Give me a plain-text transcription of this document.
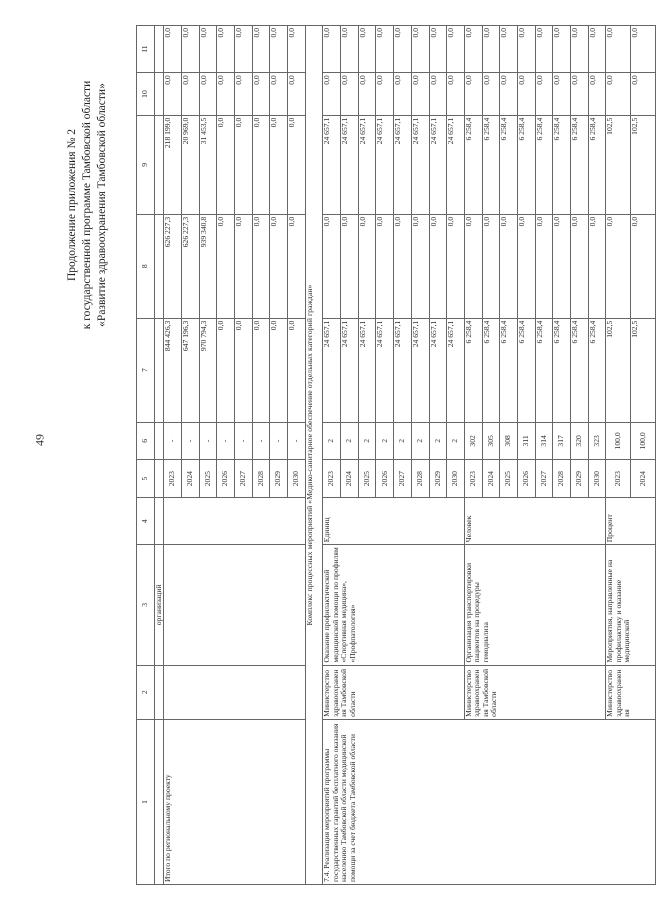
Продолжение приложения № 2 к государственной программе Тамбовской области «Развитие здравоохранения Тамбовской области»
49
1	2	3	4	5	6	7	8	9	10	11
		организаций								
Итого по региональному проекту				2023	-	844 426,3	626 227,3	218 199,0	0,0	0,0
				2024	-	647 196,3	626 227,3	20 969,0	0,0	0,0
				2025	-	970 794,3	939 340,8	31 453,5	0,0	0,0
				2026	-	0,0	0,0	0,0	0,0	0,0
				2027	-	0,0	0,0	0,0	0,0	0,0
				2028	-	0,0	0,0	0,0	0,0	0,0
				2029	-	0,0	0,0	0,0	0,0	0,0
				2030	-	0,0	0,0	0,0	0,0	0,0
Комплекс процессных мероприятий «Медико-санитарное обеспечение отдельных категорий граждан»										
7.4. Реализация мероприятий программы государственных гарантий бесплатного оказания населению Тамбовской области медицинской помощи за счет бюджета Тамбовской области	Министерство здравоохранения Тамбовской области	Оказание профилактической медицинской помощи по профилям «Спортивная медицина», «Профпатология»	Единиц	2023	2	24 657,1	0,0	24 657,1	0,0	0,0
				2024	2	24 657,1	0,0	24 657,1	0,0	0,0
				2025	2	24 657,1	0,0	24 657,1	0,0	0,0
				2026	2	24 657,1	0,0	24 657,1	0,0	0,0
				2027	2	24 657,1	0,0	24 657,1	0,0	0,0
				2028	2	24 657,1	0,0	24 657,1	0,0	0,0
				2029	2	24 657,1	0,0	24 657,1	0,0	0,0
				2030	2	24 657,1	0,0	24 657,1	0,0	0,0
	Министерство здравоохранения Тамбовской области	Организация транспортировки пациентов на процедуры гемодиализа	Человек	2023	302	6 258,4	0,0	6 258,4	0,0	0,0
				2024	305	6 258,4	0,0	6 258,4	0,0	0,0
				2025	308	6 258,4	0,0	6 258,4	0,0	0,0
				2026	311	6 258,4	0,0	6 258,4	0,0	0,0
				2027	314	6 258,4	0,0	6 258,4	0,0	0,0
				2028	317	6 258,4	0,0	6 258,4	0,0	0,0
				2029	320	6 258,4	0,0	6 258,4	0,0	0,0
				2030	323	6 258,4	0,0	6 258,4	0,0	0,0
	Министерство здравоохранения	Мероприятия, направленные на профилактику и оказание медицинской	Процент	2023	100,0	102,5	0,0	102,5	0,0	0,0
				2024	100,0	102,5	0,0	102,5	0,0	0,0
